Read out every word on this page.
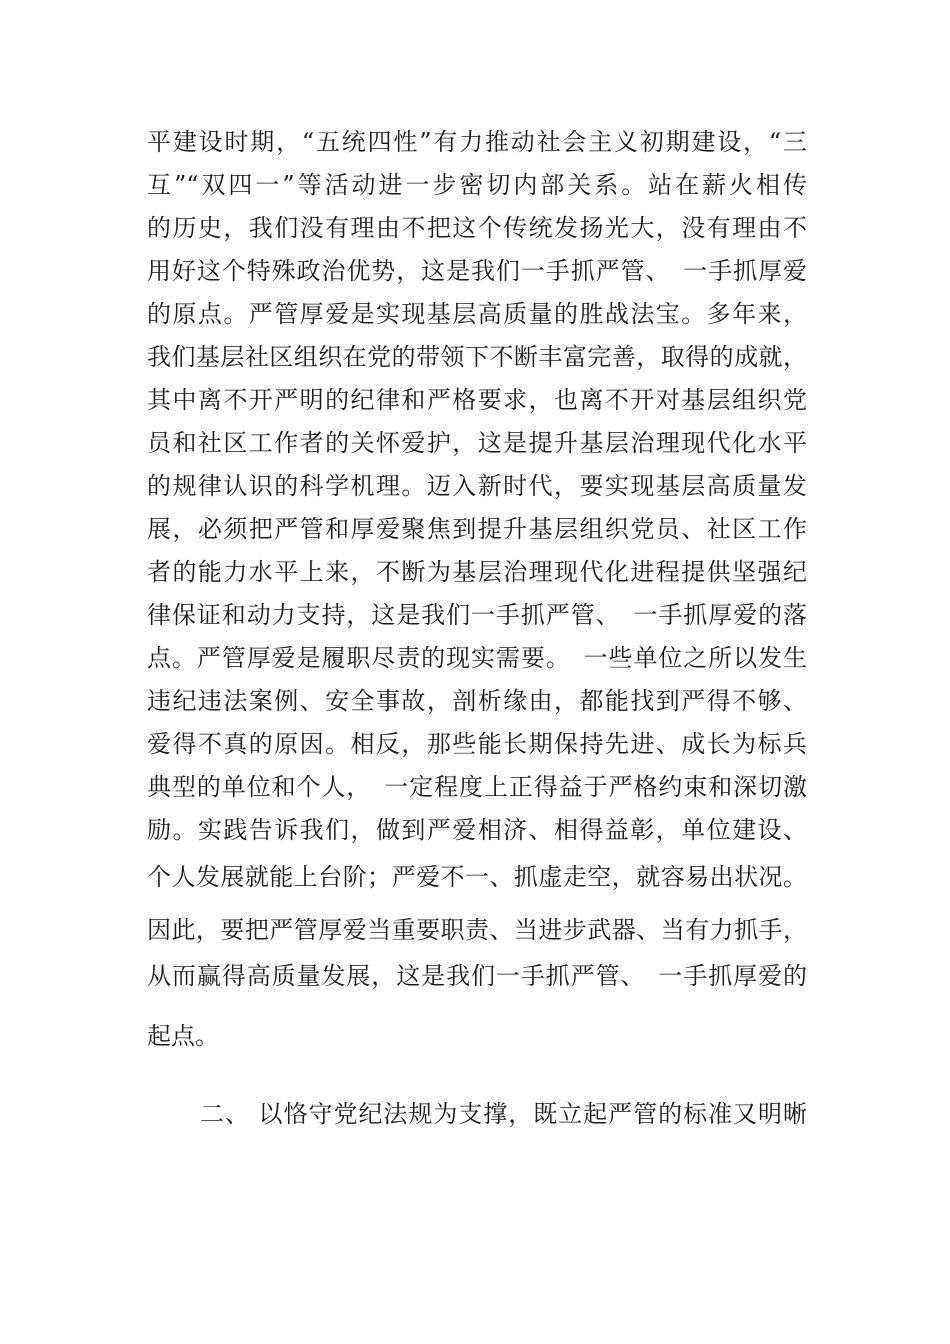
平建设时期，“五统四性”有力推动社会主义初期建设，“三
互”“双四一”等活动进一步密切内部关系。站在薪火相传
的历史，我们没有理由不把这个传统发扬光大，没有理由不
用好这个特殊政治优势，这是我们一手抓严管、　一手抓厚爱
的原点。严管厚爱是实现基层高质量的胜战法宝。多年来，
我们基层社区组织在党的带领下不断丰富完善，取得的成就，
其中离不开严明的纪律和严格要求，也离不开对基层组织党
员和社区工作者的关怀爱护，这是提升基层治理现代化水平
的规律认识的科学机理。迈入新时代，要实现基层高质量发
展，必须把严管和厚爱聚焦到提升基层组织党员、社区工作
者的能力水平上来，不断为基层治理现代化进程提供坚强纪
律保证和动力支持，这是我们一手抓严管、　一手抓厚爱的落
点。严管厚爱是履职尽责的现实需要。　一些单位之所以发生
违纪违法案例、安全事故，剖析缘由，都能找到严得不够、
爱得不真的原因。相反，那些能长期保持先进、成长为标兵
典型的单位和个人，　一定程度上正得益于严格约束和深切激
励。实践告诉我们，做到严爱相济、相得益彰，单位建设、
个人发展就能上台阶；严爱不一、抓虚走空，就容易出状况。
因此，要把严管厚爱当重要职责、当进步武器、当有力抓手，
从而赢得高质量发展，这是我们一手抓严管、　一手抓厚爱的
起点。
二、 以恪守党纪法规为支撑，既立起严管的标准又明晰
